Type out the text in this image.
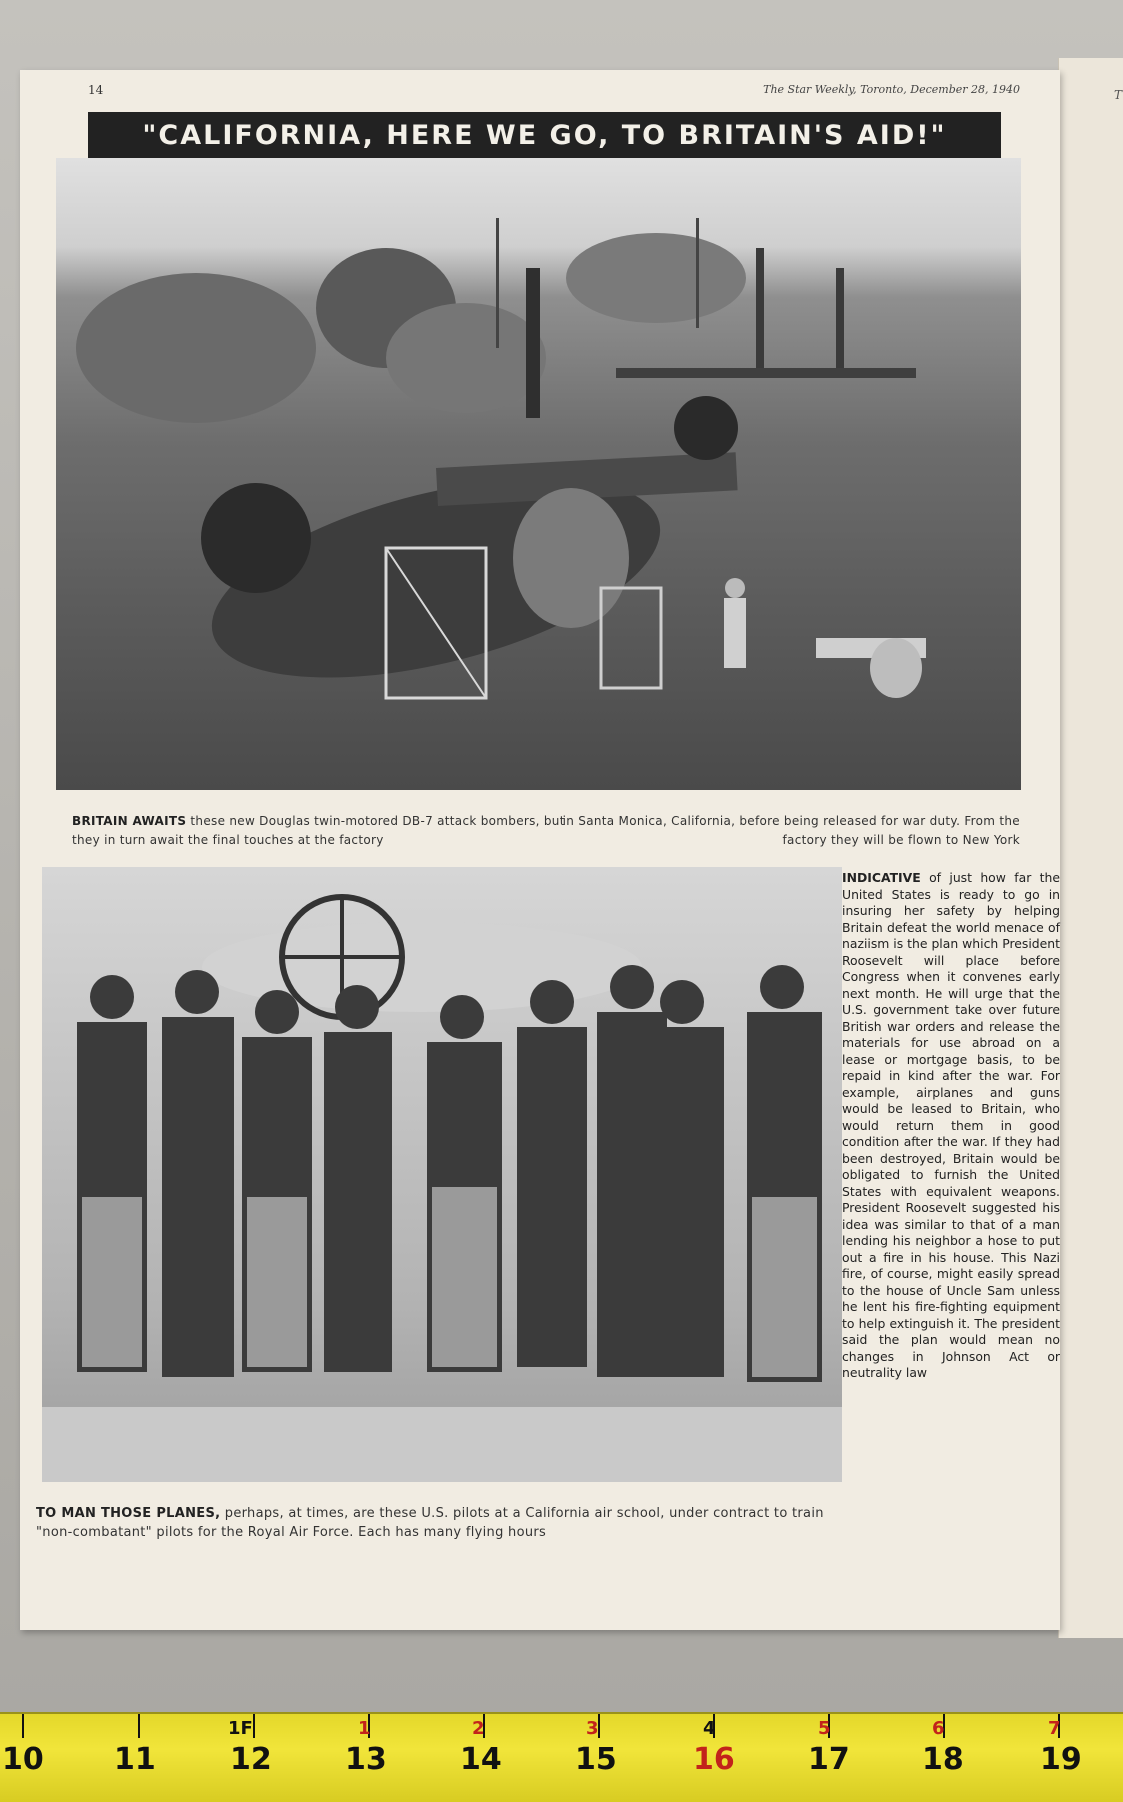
T
14	The Star Weekly, Toronto, December 28, 1940
"CALIFORNIA, HERE WE GO, TO BRITAIN'S AID!"
BRITAIN AWAITS these new Douglas twin-motored DB-7 attack bombers, but they in turn await the final touches at the factory
in Santa Monica, California, before being released for war duty. From the factory they will be flown to New York
INDICATIVE of just how far the United States is ready to go in insuring her safety by helping Britain defeat the world menace of naziism is the plan which President Roosevelt will place before Congress when it convenes early next month. He will urge that the U.S. government take over future British war orders and release the materials for use abroad on a lease or mortgage basis, to be repaid in kind after the war. For example, airplanes and guns would be leased to Britain, who would return them in good condition after the war. If they had been destroyed, Britain would be obligated to furnish the United States with equivalent weapons. President Roosevelt suggested his idea was similar to that of a man lending his neighbor a hose to put out a fire in his house. This Nazi fire, of course, might easily spread to the house of Uncle Sam unless he lent his fire-fighting equipment to help extinguish it. The president said the plan would mean no changes in Johnson Act or neutrality law
TO MAN THOSE PLANES, perhaps, at times, are these U.S. pilots at a California air school, under contract to train "non-combatant" pilots for the Royal Air Force. Each has many flying hours
10 11 12 13 14 15	16 17 18	19
1F	1	2	3	4	5	6	7
